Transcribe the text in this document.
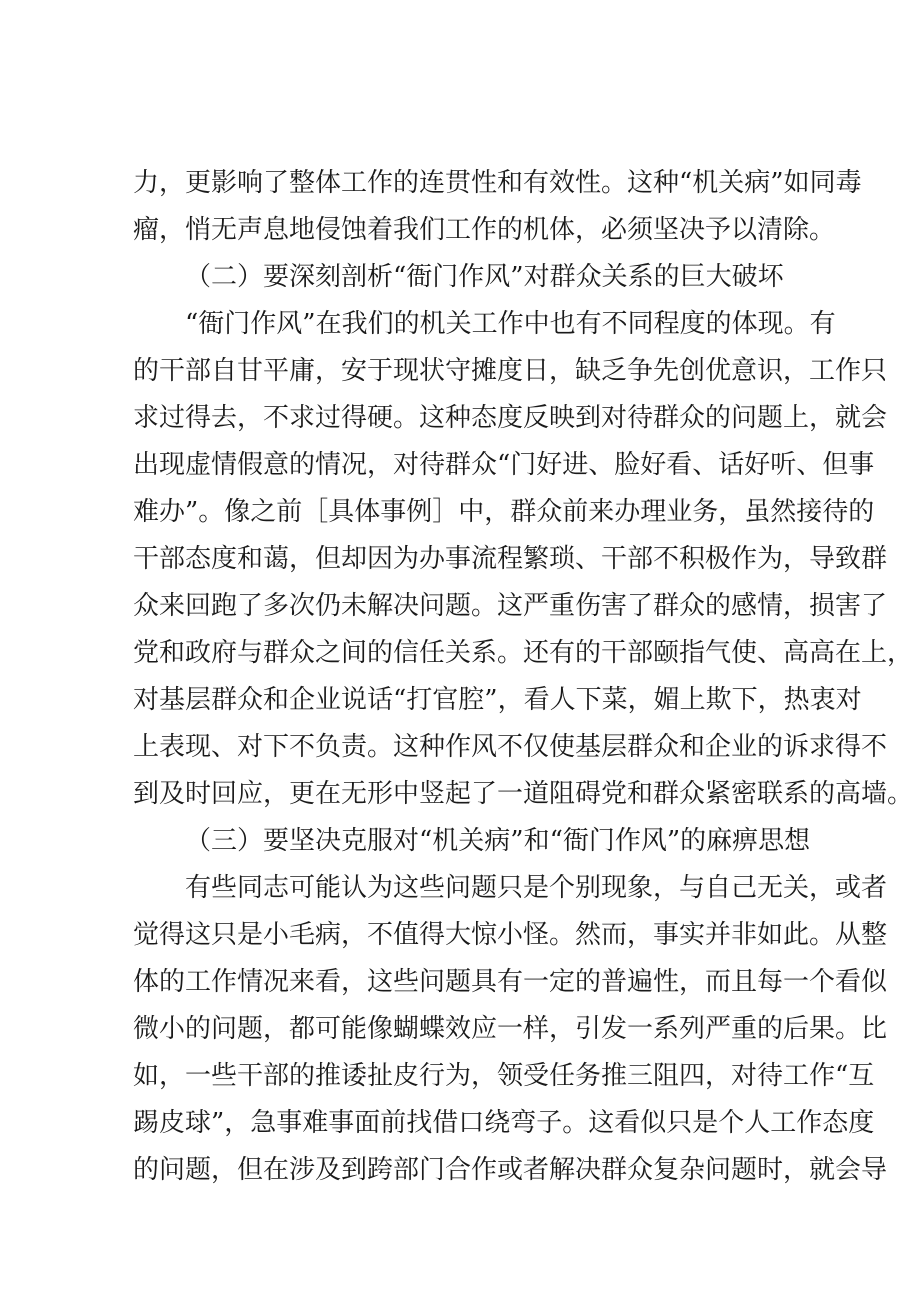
力，更影响了整体工作的连贯性和有效性。这种“机关病”如同毒
瘤，悄无声息地侵蚀着我们工作的机体，必须坚决予以清除。
（二）要深刻剖析“衙门作风”对群众关系的巨大破坏
“衙门作风”在我们的机关工作中也有不同程度的体现。有
的干部自甘平庸，安于现状守摊度日，缺乏争先创优意识，工作只
求过得去，不求过得硬。这种态度反映到对待群众的问题上，就会
出现虚情假意的情况，对待群众“门好进、脸好看、话好听、但事
难办”。像之前［具体事例］中，群众前来办理业务，虽然接待的
干部态度和蔼，但却因为办事流程繁琐、干部不积极作为，导致群
众来回跑了多次仍未解决问题。这严重伤害了群众的感情，损害了
党和政府与群众之间的信任关系。还有的干部颐指气使、高高在上，
对基层群众和企业说话“打官腔”，看人下菜，媚上欺下，热衷对
上表现、对下不负责。这种作风不仅使基层群众和企业的诉求得不
到及时回应，更在无形中竖起了一道阻碍党和群众紧密联系的高墙。
（三）要坚决克服对“机关病”和“衙门作风”的麻痹思想
有些同志可能认为这些问题只是个别现象，与自己无关，或者
觉得这只是小毛病，不值得大惊小怪。然而，事实并非如此。从整
体的工作情况来看，这些问题具有一定的普遍性，而且每一个看似
微小的问题，都可能像蝴蝶效应一样，引发一系列严重的后果。比
如，一些干部的推诿扯皮行为，领受任务推三阻四，对待工作“互
踢皮球”，急事难事面前找借口绕弯子。这看似只是个人工作态度
的问题，但在涉及到跨部门合作或者解决群众复杂问题时，就会导
